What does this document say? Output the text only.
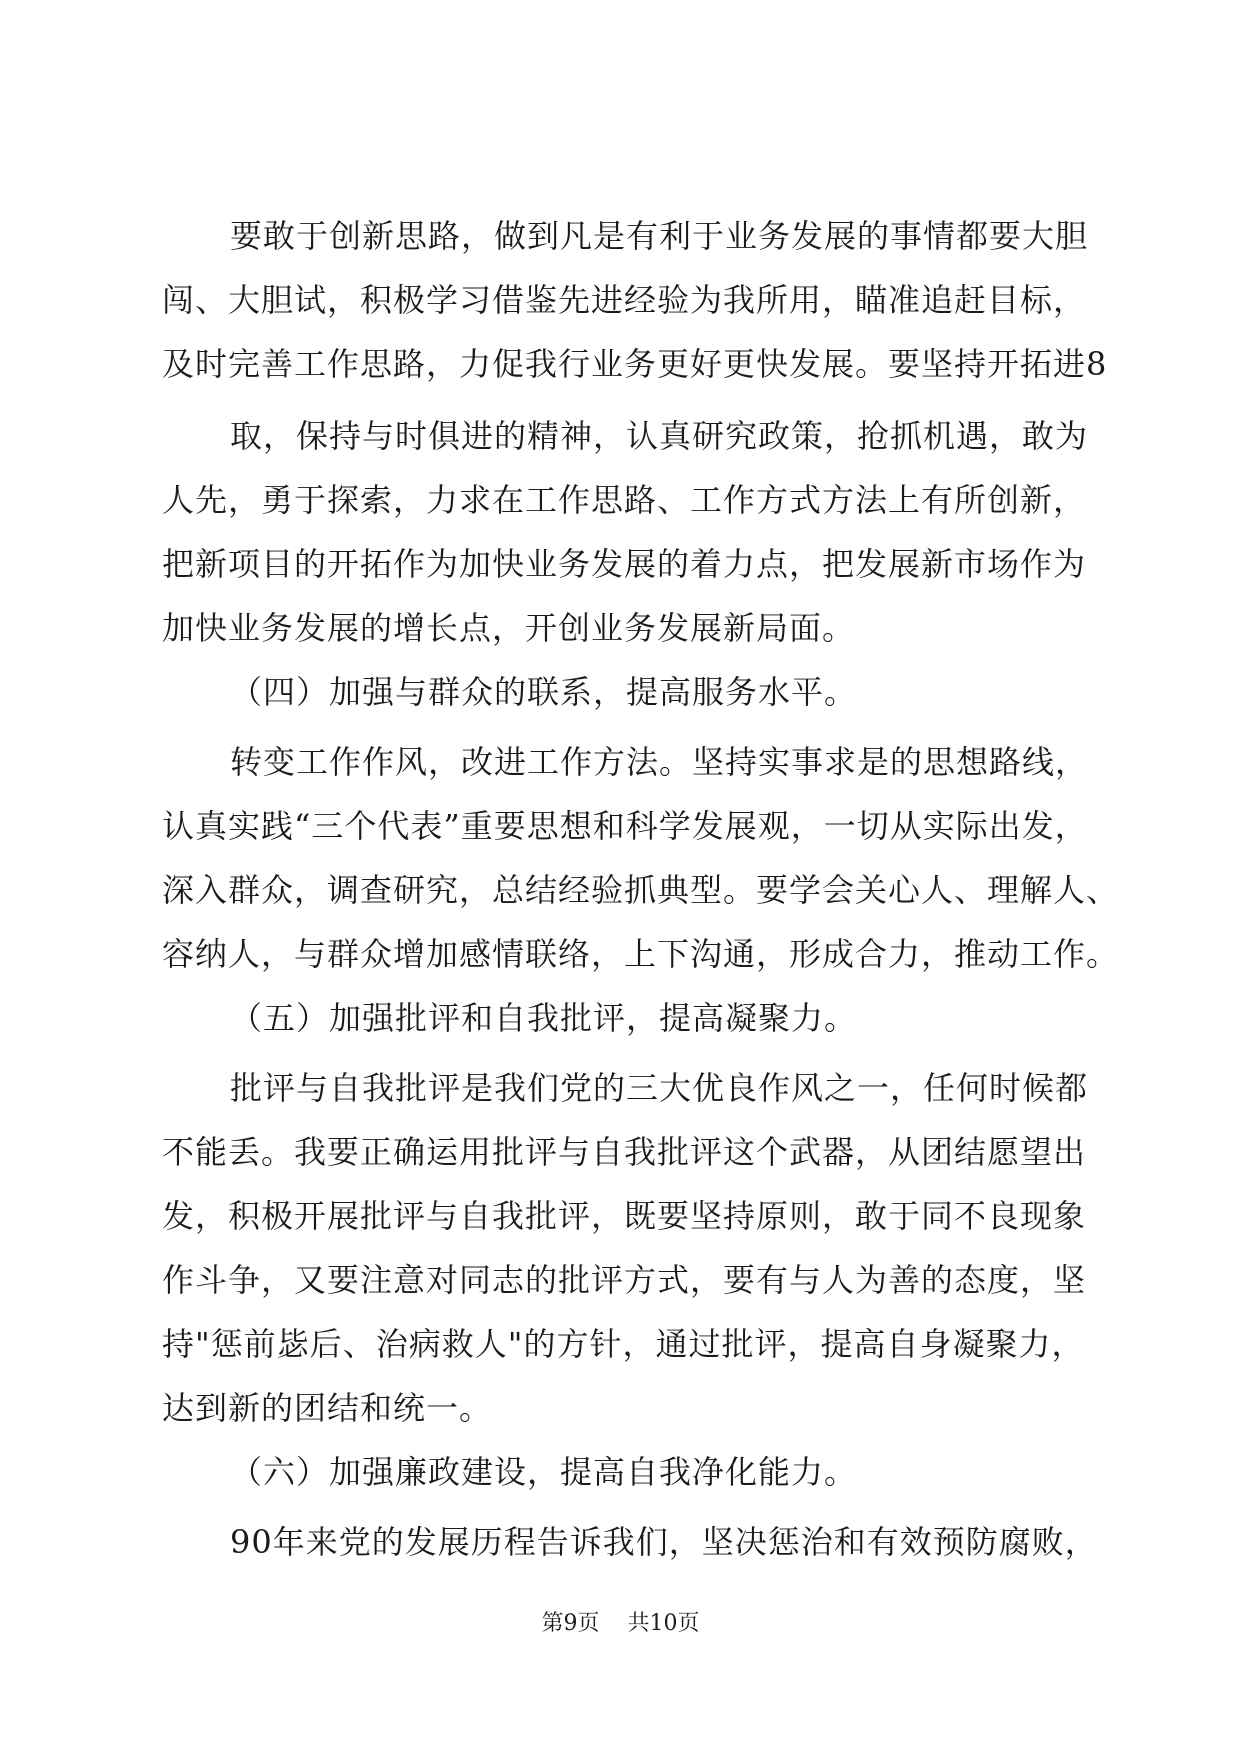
要敢于创新思路，做到凡是有利于业务发展的事情都要大胆
闯、大胆试，积极学习借鉴先进经验为我所用，瞄准追赶目标，
及时完善工作思路，力促我行业务更好更快发展。要坚持开拓进8
取，保持与时俱进的精神，认真研究政策，抢抓机遇，敢为
人先，勇于探索，力求在工作思路、工作方式方法上有所创新，
把新项目的开拓作为加快业务发展的着力点，把发展新市场作为
加快业务发展的增长点，开创业务发展新局面。
（四）加强与群众的联系，提高服务水平。
转变工作作风，改进工作方法。坚持实事求是的思想路线，
认真实践“三个代表”重要思想和科学发展观，一切从实际出发，
深入群众，调查研究，总结经验抓典型。要学会关心人、理解人、
容纳人，与群众增加感情联络，上下沟通，形成合力，推动工作。
（五）加强批评和自我批评，提高凝聚力。
批评与自我批评是我们党的三大优良作风之一，任何时候都
不能丢。我要正确运用批评与自我批评这个武器，从团结愿望出
发，积极开展批评与自我批评，既要坚持原则，敢于同不良现象
作斗争，又要注意对同志的批评方式，要有与人为善的态度，坚
持"惩前毖后、治病救人"的方针，通过批评，提高自身凝聚力，
达到新的团结和统一。
（六）加强廉政建设，提高自我净化能力。
90年来党的发展历程告诉我们，坚决惩治和有效预防腐败，
第9页 共10页
